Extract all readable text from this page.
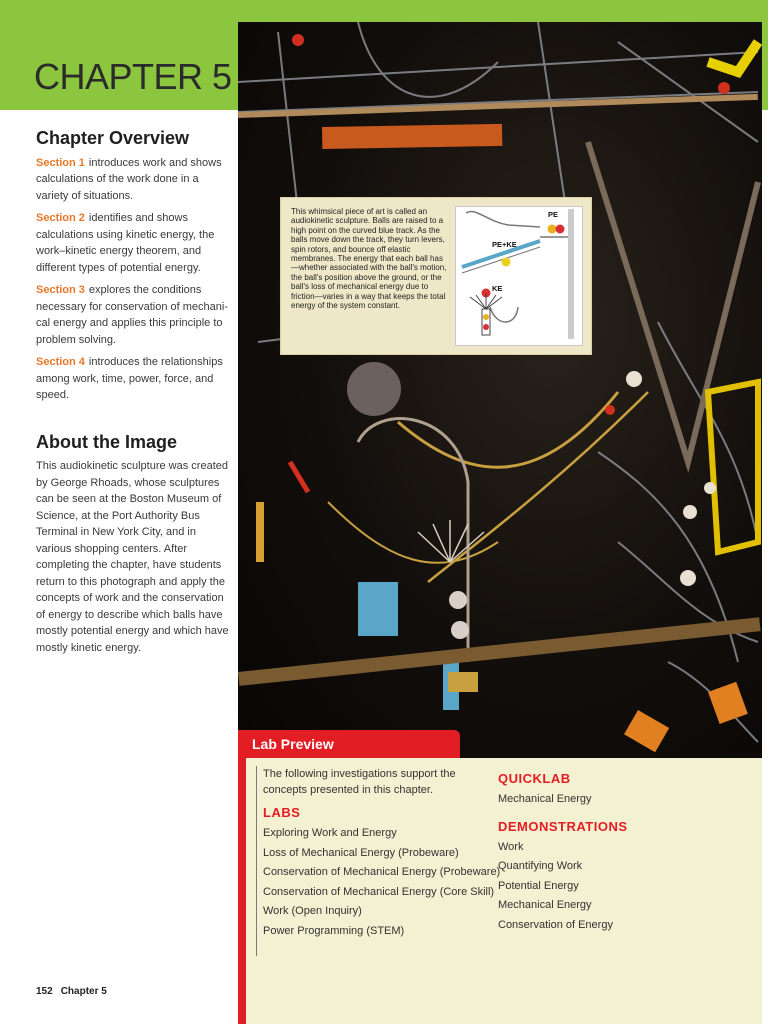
CHAPTER 5
Chapter Overview

Section 1 introduces work and shows calculations of the work done in a variety of situations.

Section 2 identifies and shows calculations using kinetic energy, the work–kinetic energy theorem, and different types of potential energy.

Section 3 explores the conditions necessary for conservation of mechani-cal energy and applies this principle to problem solving.

Section 4 introduces the relationships among work, time, power, force, and speed.

About the Image

This audiokinetic sculpture was created by George Rhoads, whose sculptures can be seen at the Boston Museum of Science, at the Port Authority Bus Terminal in New York City, and in various shopping centers. After completing the chapter, have students return to this photograph and apply the concepts of work and the conservation of energy to describe which balls have mostly potential energy and which have mostly kinetic energy.

This whimsical piece of art is called an audiokinetic sculpture. Balls are raised to a high point on the curved blue track. As the balls move down the track, they turn levers, spin rotors, and bounce off elastic membranes. The energy that each ball has—whether associated with the ball's motion, the ball's position above the ground, or the ball's loss of mechanical energy due to friction—varies in a way that keeps the total energy of the system constant.
PE
PE+KE
KE
Lab Preview
The following investigations support the concepts presented in this chapter.
LABS
Exploring Work and Energy
Loss of Mechanical Energy (Probeware)
Conservation of Mechanical Energy (Probeware)
Conservation of Mechanical Energy (Core Skill)
Work (Open Inquiry)
Power Programming (STEM)
QUICKLAB
Mechanical Energy
DEMONSTRATIONS
Work
Quantifying Work
Potential Energy
Mechanical Energy
Conservation of Energy
152 Chapter 5
